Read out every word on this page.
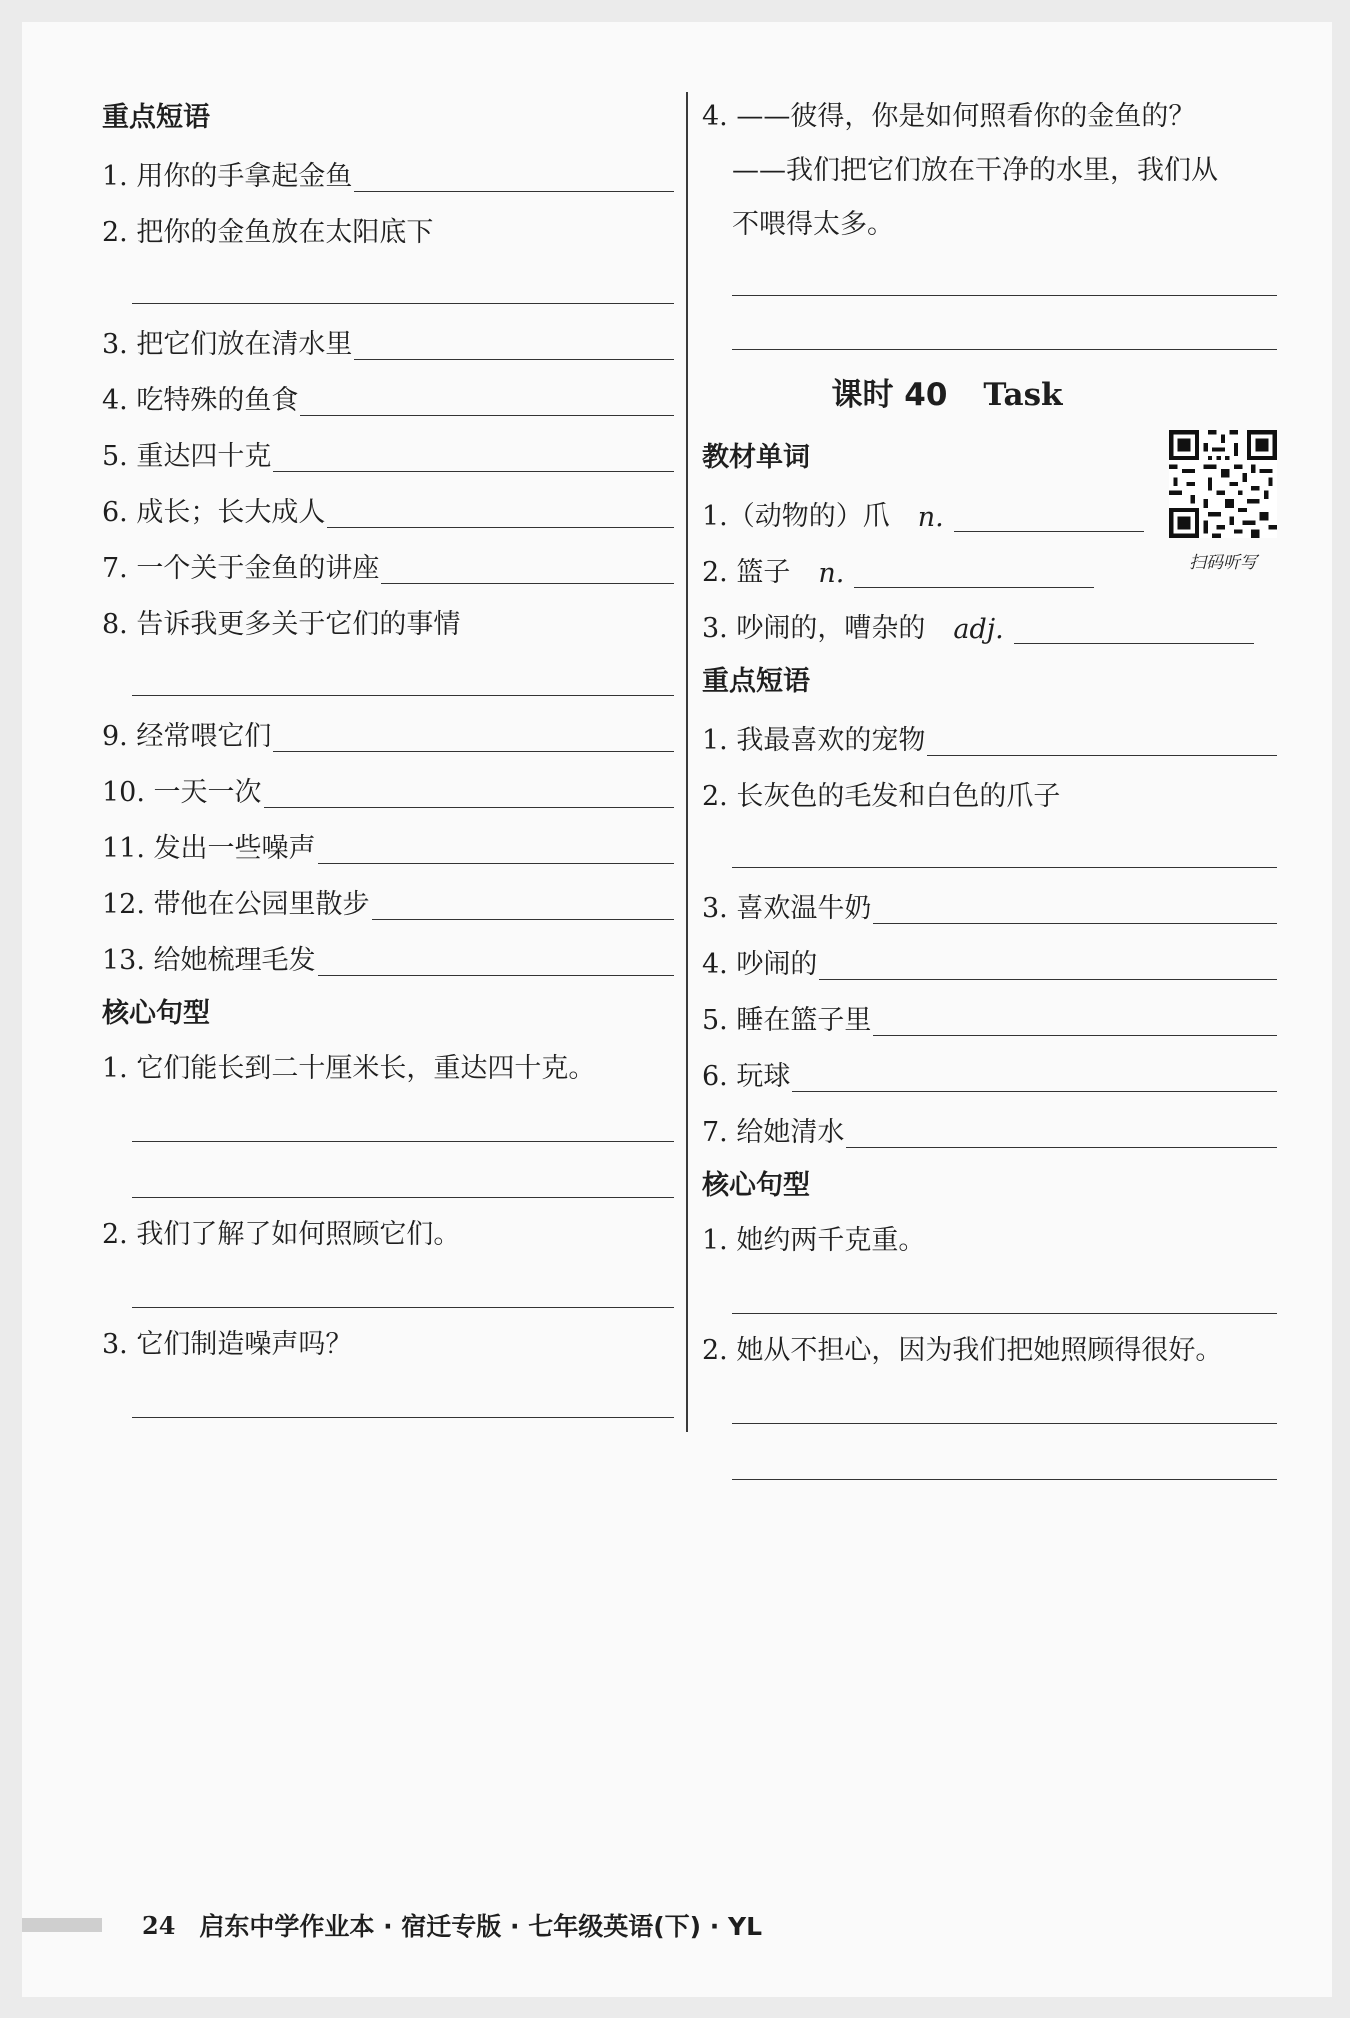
重点短语
1. 用你的手拿起金鱼
2. 把你的金鱼放在太阳底下
3. 把它们放在清水里
4. 吃特殊的鱼食
5. 重达四十克
6. 成长；长大成人
7. 一个关于金鱼的讲座
8. 告诉我更多关于它们的事情
9. 经常喂它们
10. 一天一次
11. 发出一些噪声
12. 带他在公园里散步
13. 给她梳理毛发
核心句型
1. 它们能长到二十厘米长，重达四十克。
2. 我们了解了如何照顾它们。
3. 它们制造噪声吗？
4. ——彼得，你是如何照看你的金鱼的？
——我们把它们放在干净的水里，我们从
不喂得太多。
课时 40 Task
教材单词
1.（动物的）爪 n.
2. 篮子 n.
3. 吵闹的，嘈杂的 adj.
重点短语
1. 我最喜欢的宠物
2. 长灰色的毛发和白色的爪子
3. 喜欢温牛奶
4. 吵闹的
5. 睡在篮子里
6. 玩球
7. 给她清水
核心句型
1. 她约两千克重。
2. 她从不担心，因为我们把她照顾得很好。
扫码听写
24 启东中学作业本 · 宿迁专版 · 七年级英语(下) · YL
